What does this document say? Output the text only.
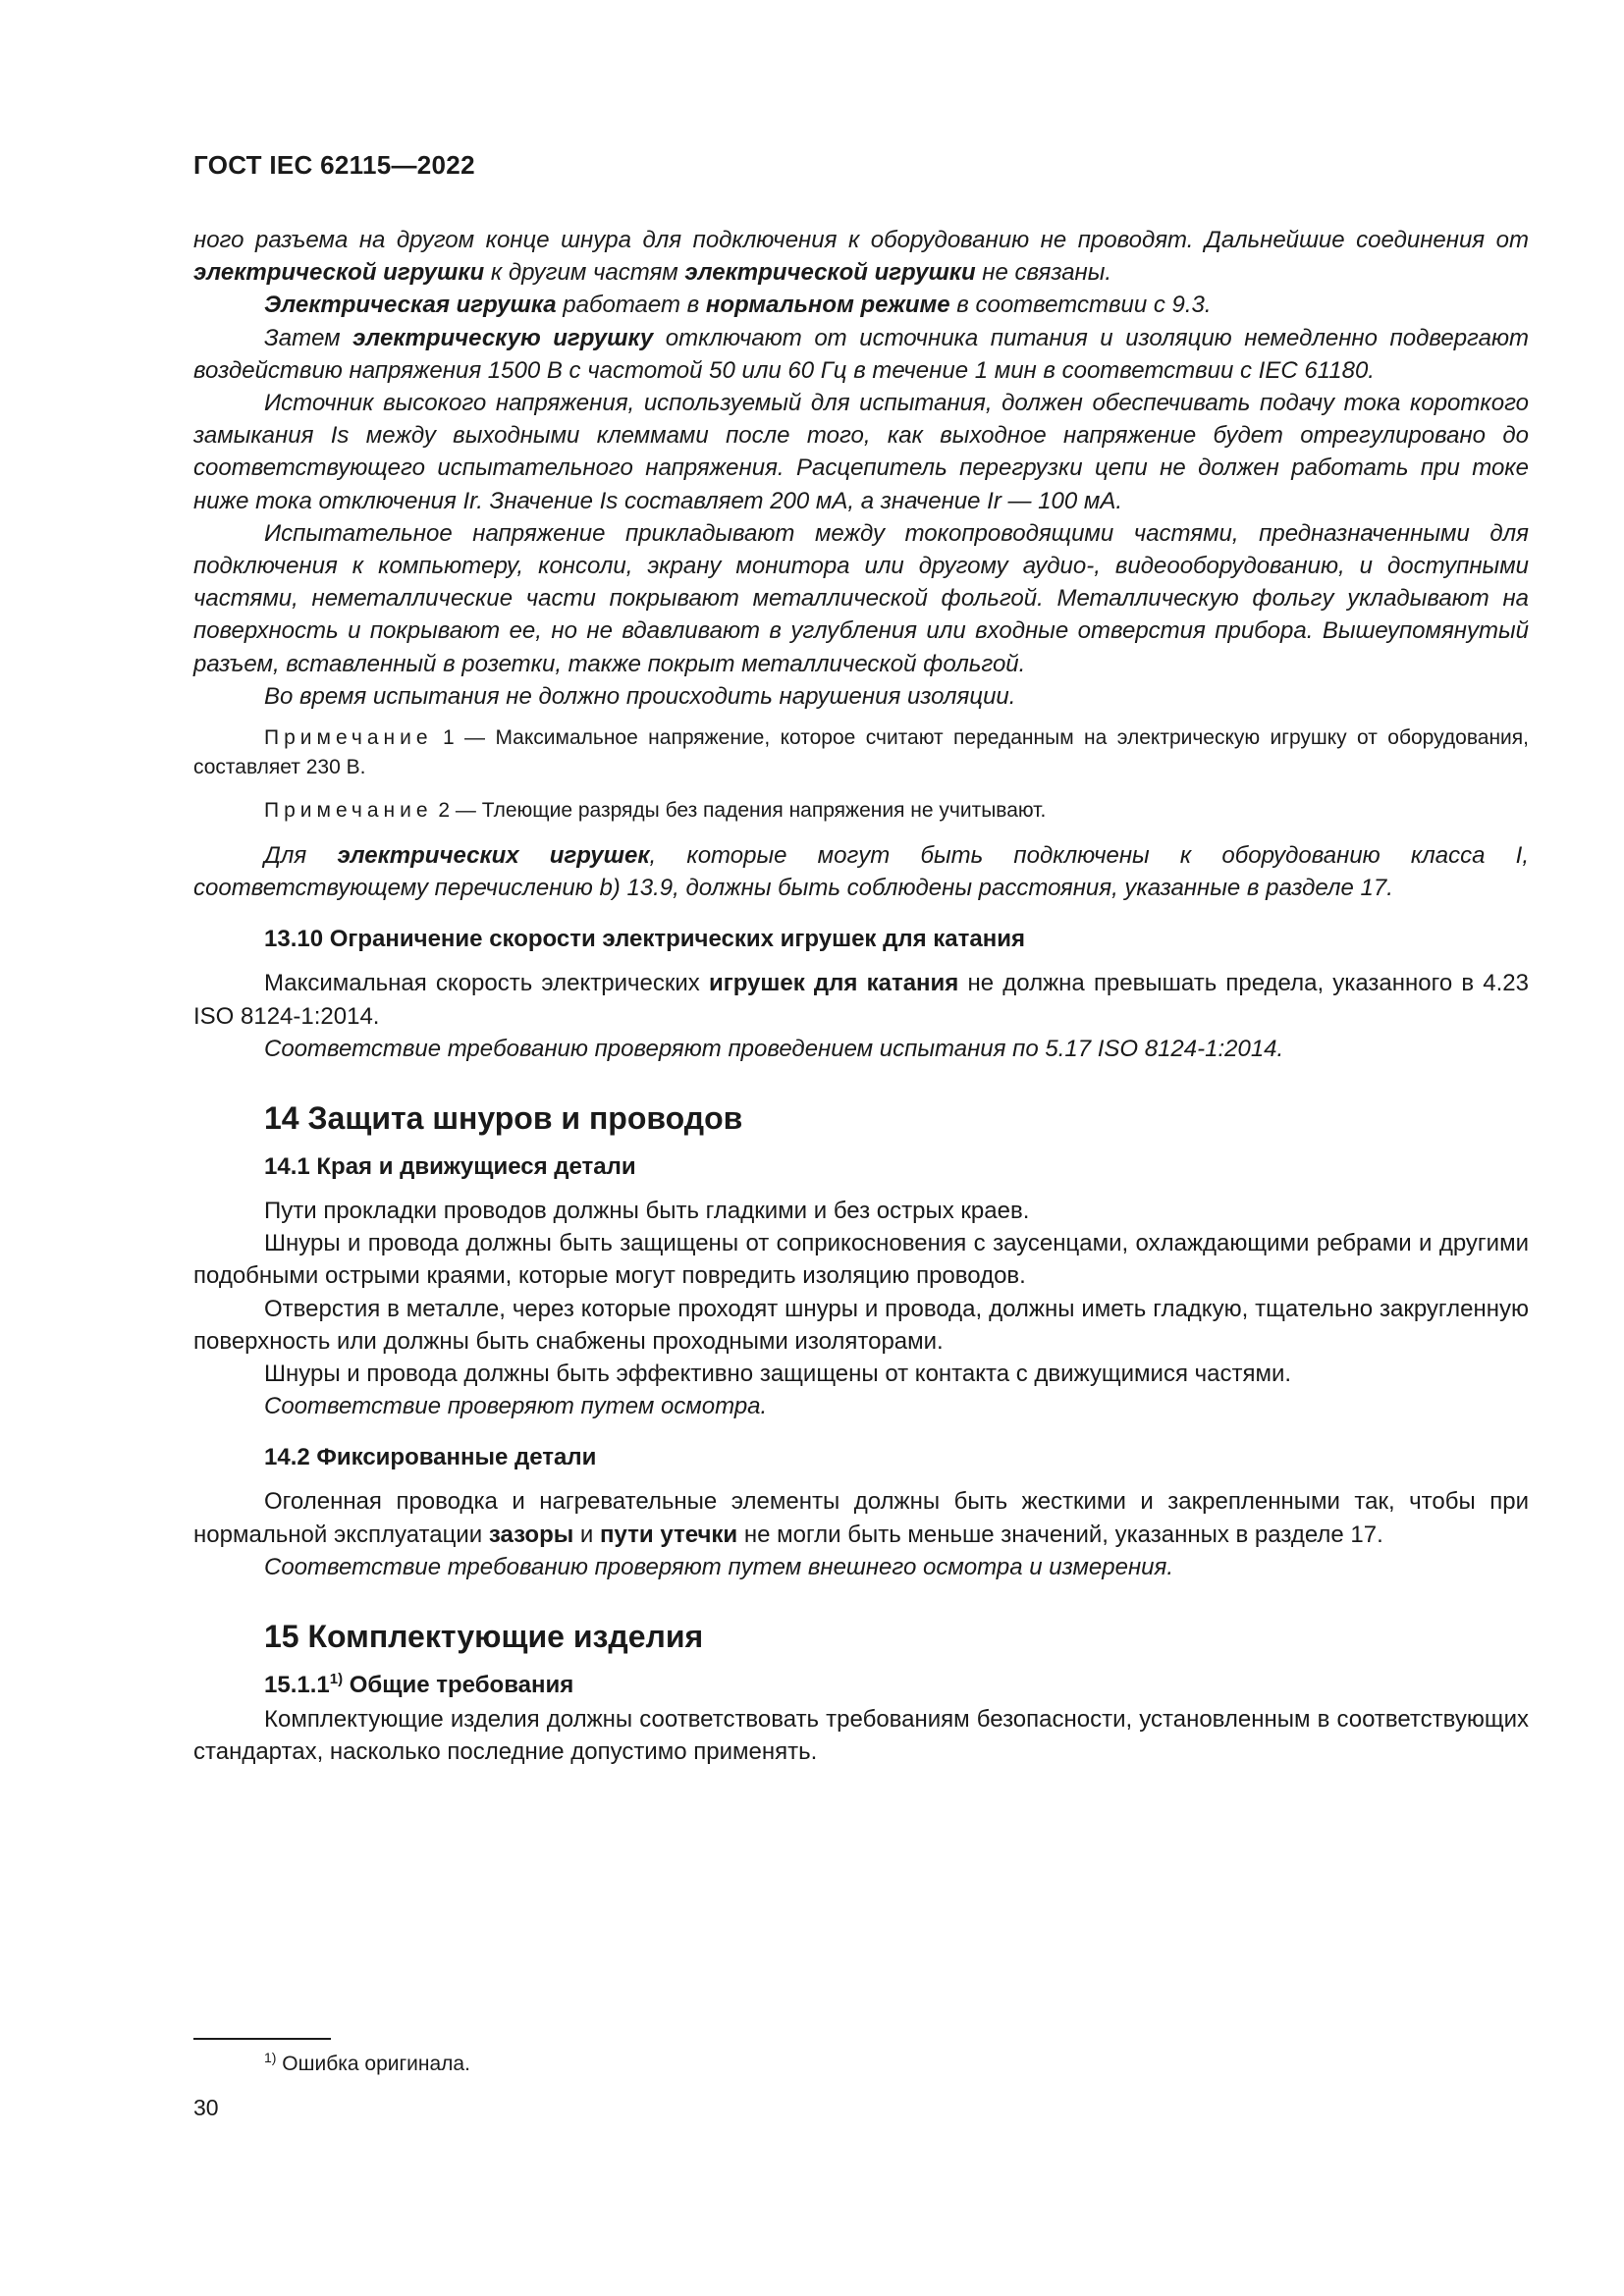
ГОСТ IEC 62115—2022

ного разъема на другом конце шнура для подключения к оборудованию не проводят. Дальнейшие соединения от электрической игрушки к другим частям электрической игрушки не связаны.

Электрическая игрушка работает в нормальном режиме в соответствии с 9.3.

Затем электрическую игрушку отключают от источника питания и изоляцию немедленно подвергают воздействию напряжения 1500 В с частотой 50 или 60 Гц в течение 1 мин в соответствии с IEC 61180.

Источник высокого напряжения, используемый для испытания, должен обеспечивать подачу тока короткого замыкания Is между выходными клеммами после того, как выходное напряжение будет отрегулировано до соответствующего испытательного напряжения. Расцепитель перегрузки цепи не должен работать при токе ниже тока отключения Ir. Значение Is составляет 200 мА, а значение Ir — 100 мА.

Испытательное напряжение прикладывают между токопроводящими частями, предназначенными для подключения к компьютеру, консоли, экрану монитора или другому аудио-, видеооборудованию, и доступными частями, неметаллические части покрывают металлической фольгой. Металлическую фольгу укладывают на поверхность и покрывают ее, но не вдавливают в углубления или входные отверстия прибора. Вышеупомянутый разъем, вставленный в розетки, также покрыт металлической фольгой.

Во время испытания не должно происходить нарушения изоляции.

Примечание 1 — Максимальное напряжение, которое считают переданным на электрическую игрушку от оборудования, составляет 230 В.

Примечание 2 — Тлеющие разряды без падения напряжения не учитывают.

Для электрических игрушек, которые могут быть подключены к оборудованию класса I, соответствующему перечислению b) 13.9, должны быть соблюдены расстояния, указанные в разделе 17.

13.10 Ограничение скорости электрических игрушек для катания

Максимальная скорость электрических игрушек для катания не должна превышать предела, указанного в 4.23 ISO 8124-1:2014.

Соответствие требованию проверяют проведением испытания по 5.17 ISO 8124-1:2014.

14 Защита шнуров и проводов
14.1 Края и движущиеся детали

Пути прокладки проводов должны быть гладкими и без острых краев.

Шнуры и провода должны быть защищены от соприкосновения с заусенцами, охлаждающими ребрами и другими подобными острыми краями, которые могут повредить изоляцию проводов.

Отверстия в металле, через которые проходят шнуры и провода, должны иметь гладкую, тщательно закругленную поверхность или должны быть снабжены проходными изоляторами.

Шнуры и провода должны быть эффективно защищены от контакта с движущимися частями.

Соответствие проверяют путем осмотра.

14.2 Фиксированные детали

Оголенная проводка и нагревательные элементы должны быть жесткими и закрепленными так, чтобы при нормальной эксплуатации зазоры и пути утечки не могли быть меньше значений, указанных в разделе 17.

Соответствие требованию проверяют путем внешнего осмотра и измерения.

15 Комплектующие изделия
15.1.1$^{1)}$ Общие требования

Комплектующие изделия должны соответствовать требованиям безопасности, установленным в соответствующих стандартах, насколько последние допустимо применять.

$^{1)}$ Ошибка оригинала.
30
